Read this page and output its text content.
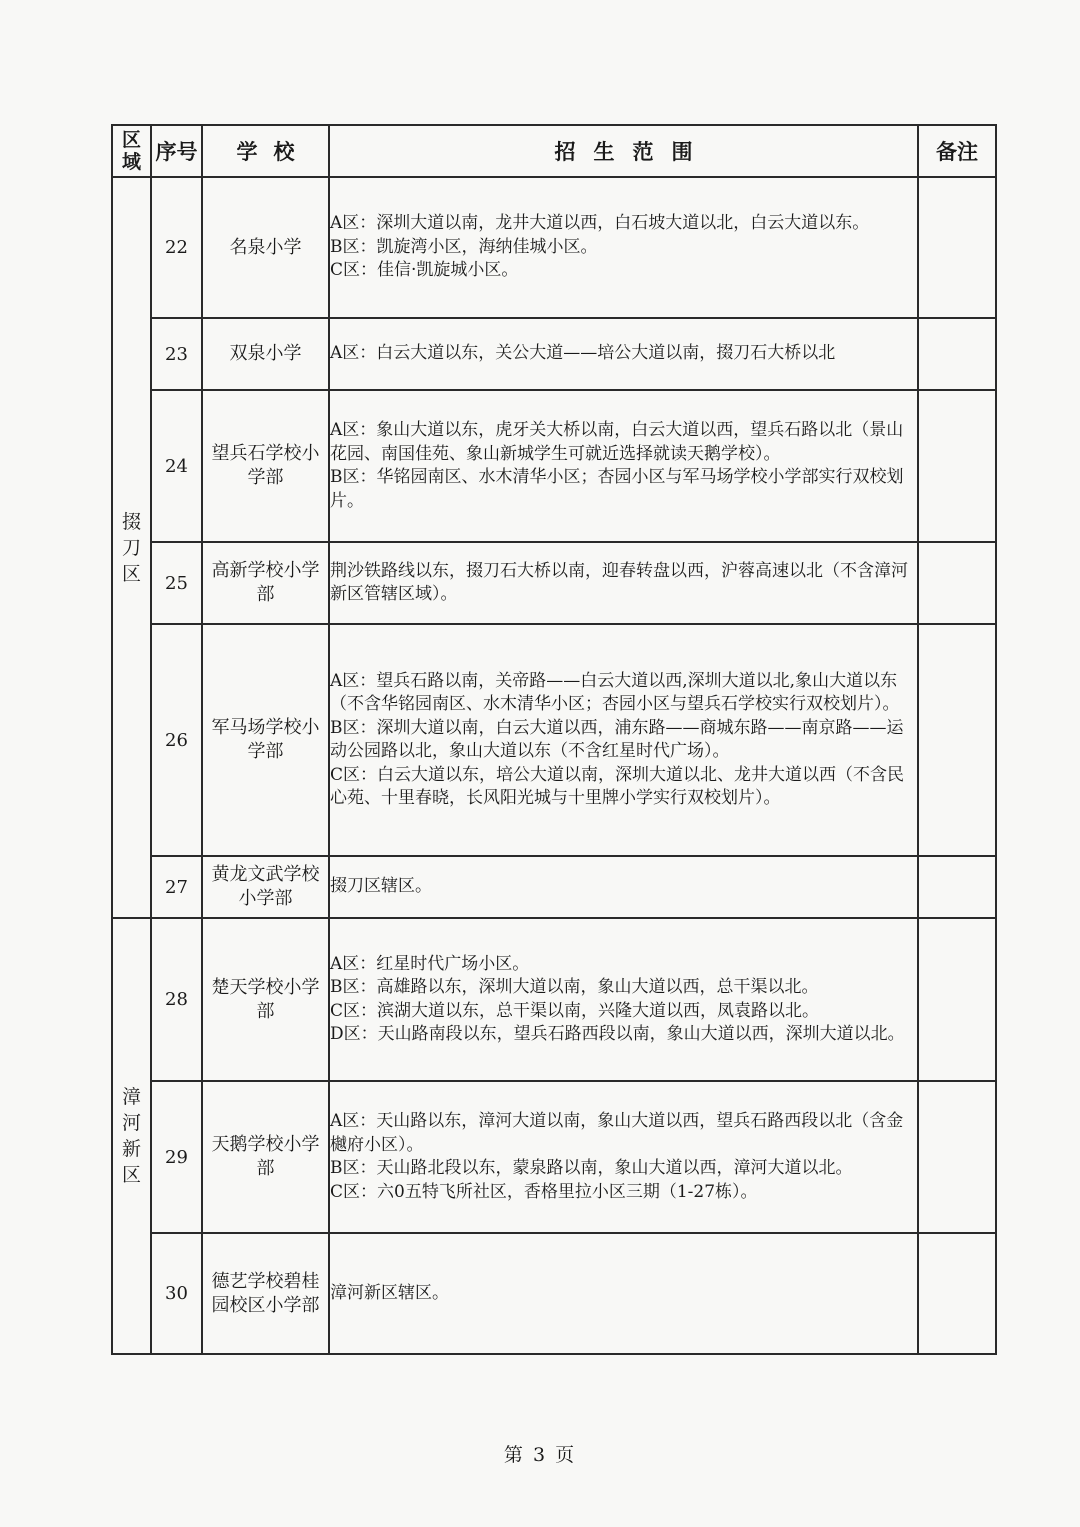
区域	序号	学校	招生范围	备注

掇刀区	22	名泉小学	A区：深圳大道以南，龙井大道以西，白石坡大道以北，白云大道以东。
B区：凯旋湾小区，海纳佳城小区。
C区：佳信·凯旋城小区。	

	23	双泉小学	A区：白云大道以东，关公大道——培公大道以南，掇刀石大桥以北	

	24	望兵石学校小学部	A区：象山大道以东，虎牙关大桥以南，白云大道以西，望兵石路以北（景山花园、南国佳苑、象山新城学生可就近选择就读天鹅学校）。
B区：华铭园南区、水木清华小区；杏园小区与军马场学校小学部实行双校划片。	

	25	高新学校小学部	荆沙铁路线以东，掇刀石大桥以南，迎春转盘以西，沪蓉高速以北（不含漳河新区管辖区域）。	

	26	军马场学校小学部	A区：望兵石路以南，关帝路——白云大道以西,深圳大道以北,象山大道以东（不含华铭园南区、水木清华小区；杏园小区与望兵石学校实行双校划片）。
B区：深圳大道以南，白云大道以西，浦东路——商城东路——南京路——运动公园路以北，象山大道以东（不含红星时代广场）。
C区：白云大道以东，培公大道以南，深圳大道以北、龙井大道以西（不含民心苑、十里春晓，长风阳光城与十里牌小学实行双校划片）。	

	27	黄龙文武学校小学部	掇刀区辖区。	

漳河新区	28	楚天学校小学部	A区：红星时代广场小区。
B区：高雄路以东，深圳大道以南，象山大道以西，总干渠以北。
C区：滨湖大道以东，总干渠以南，兴隆大道以西，凤袁路以北。
D区：天山路南段以东，望兵石路西段以南，象山大道以西，深圳大道以北。	

	29	天鹅学校小学部	A区：天山路以东，漳河大道以南，象山大道以西，望兵石路西段以北（含金樾府小区）。
B区：天山路北段以东，蒙泉路以南，象山大道以西，漳河大道以北。
C区：六0五特飞所社区，香格里拉小区三期（1-27栋）。	

	30	德艺学校碧桂园校区小学部	漳河新区辖区。	

第 3 页
